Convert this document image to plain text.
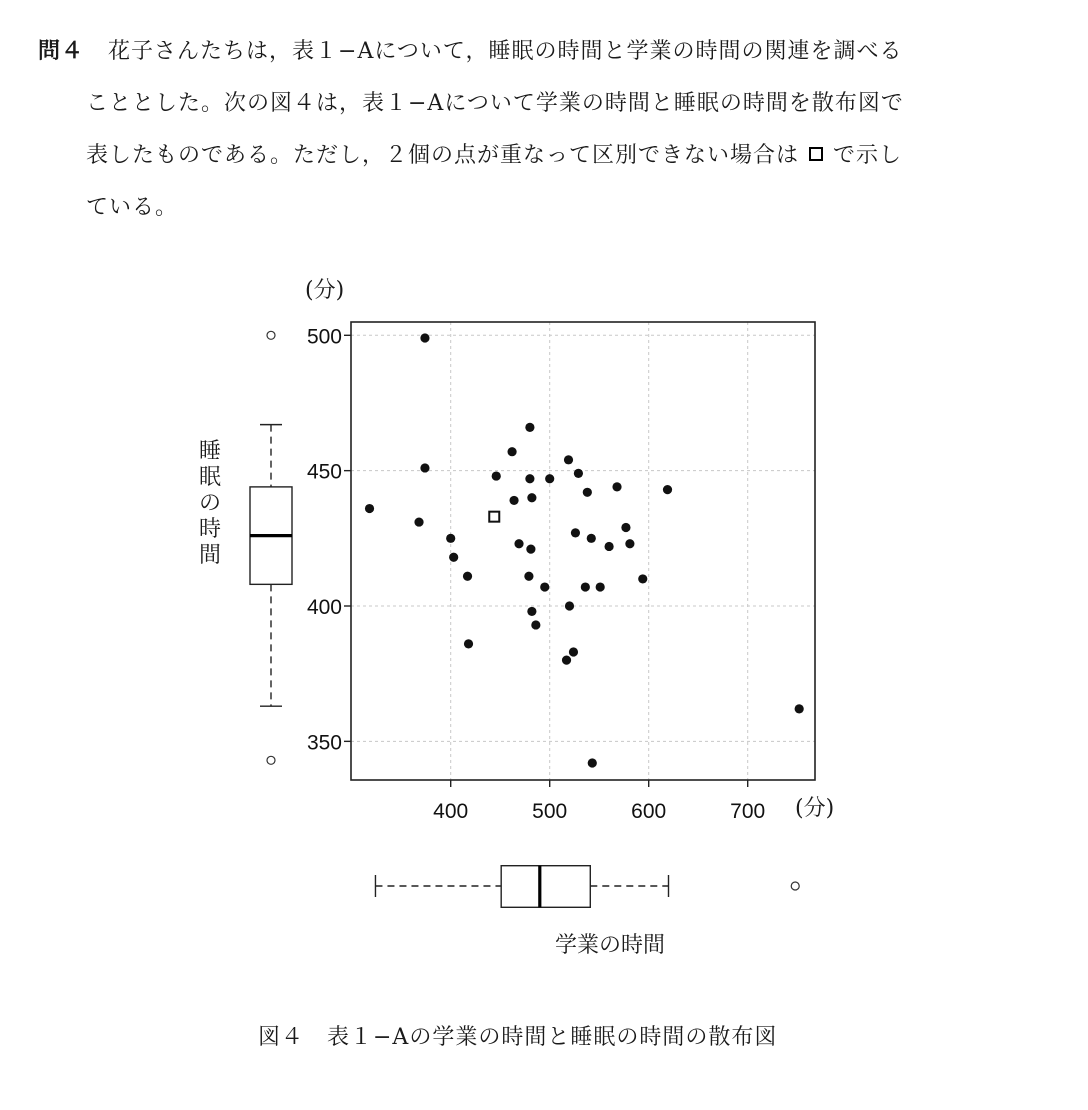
問４ 花子さんたちは，表１−Aについて，睡眠の時間と学業の時間の関連を調べる
こととした。次の図４は，表１−Aについて学業の時間と睡眠の時間を散布図で
表したものである。ただし，２個の点が重なって区別できない場合は で示し
ている。
400	500	600	700
350
400
450
500
(分)
(分)
睡
眠
の
時
間
学業の時間
図４　表１−Aの学業の時間と睡眠の時間の散布図
